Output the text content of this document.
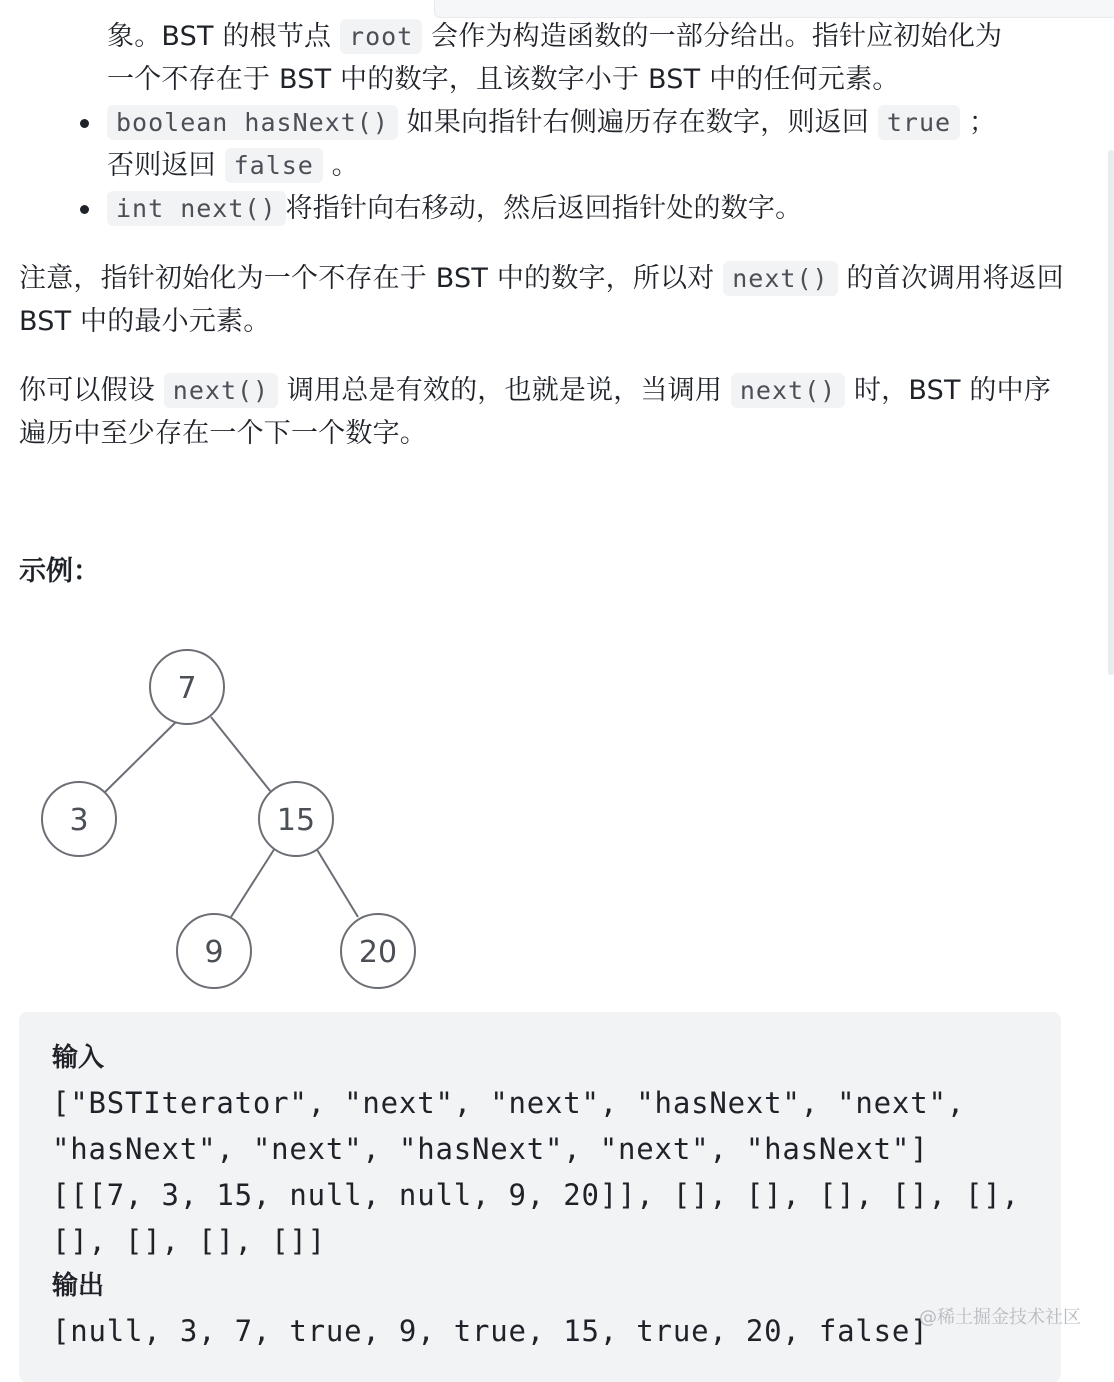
象。BST 的根节点 root 会作为构造函数的一部分给出。指针应初始化为
一个不存在于 BST 中的数字，且该数字小于 BST 中的任何元素。
boolean hasNext() 如果向指针右侧遍历存在数字，则返回 true ；
否则返回 false 。
int next() 将指针向右移动，然后返回指针处的数字。
注意，指针初始化为一个不存在于 BST 中的数字，所以对 next() 的首次调用将返回 BST 中的最小元素。
你可以假设 next() 调用总是有效的，也就是说，当调用 next() 时，BST 的中序遍历中至少存在一个下一个数字。
示例：
7
3	15
9	20
输入
["BSTIterator", "next", "next", "hasNext", "next",
"hasNext", "next", "hasNext", "next", "hasNext"]
[[[7, 3, 15, null, null, 9, 20]], [], [], [], [], [],
[], [], [], []]
输出
[null, 3, 7, true, 9, true, 15, true, 20, false]
@稀土掘金技术社区
